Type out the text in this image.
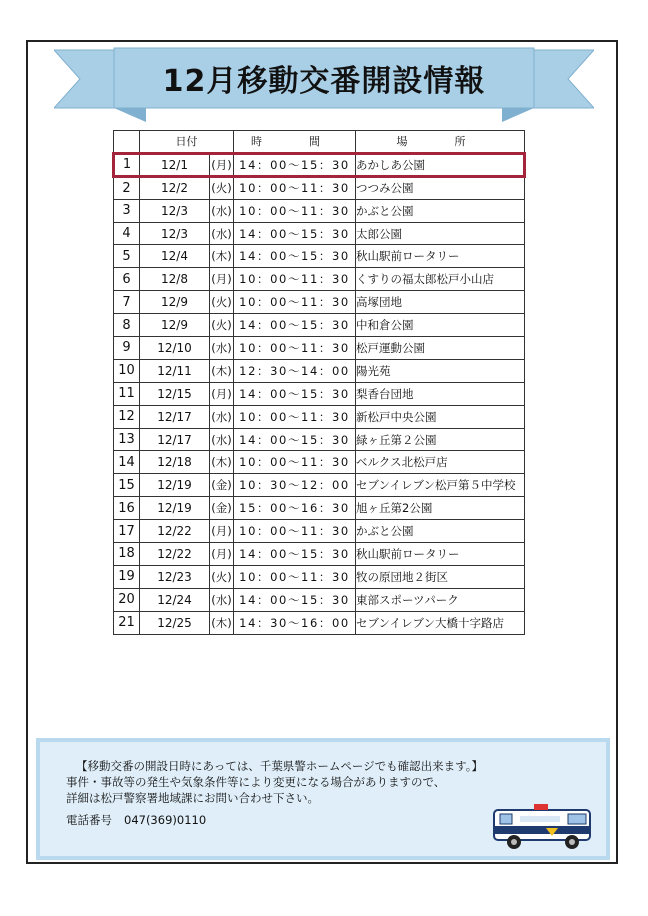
12月移動交番開設情報
	日付		時　間	場　所
1	12/1	(月)	14：00〜15：30	あかしあ公園
2	12/2	(火)	10：00〜11：30	つつみ公園
3	12/3	(水)	10：00〜11：30	かぶと公園
4	12/3	(水)	14：00〜15：30	太郎公園
5	12/4	(木)	14：00〜15：30	秋山駅前ロータリー
6	12/8	(月)	10：00〜11：30	くすりの福太郎松戸小山店
7	12/9	(火)	10：00〜11：30	高塚団地
8	12/9	(火)	14：00〜15：30	中和倉公園
9	12/10	(水)	10：00〜11：30	松戸運動公園
10	12/11	(木)	12：30〜14：00	陽光苑
11	12/15	(月)	14：00〜15：30	梨香台団地
12	12/17	(水)	10：00〜11：30	新松戸中央公園
13	12/17	(水)	14：00〜15：30	緑ヶ丘第２公園
14	12/18	(木)	10：00〜11：30	ベルクス北松戸店
15	12/19	(金)	10：30〜12：00	セブンイレブン松戸第５中学校
16	12/19	(金)	15：00〜16：30	旭ヶ丘第2公園
17	12/22	(月)	10：00〜11：30	かぶと公園
18	12/22	(月)	14：00〜15：30	秋山駅前ロータリー
19	12/23	(火)	10：00〜11：30	牧の原団地２街区
20	12/24	(水)	14：00〜15：30	東部スポーツパーク
21	12/25	(木)	14：30〜16：00	セブンイレブン大橋十字路店
【移動交番の開設日時にあっては、千葉県警ホームページでも確認出来ます。】
事件・事故等の発生や気象条件等により変更になる場合がありますので、
詳細は松戸警察署地域課にお問い合わせ下さい。
電話番号 047(369)0110
